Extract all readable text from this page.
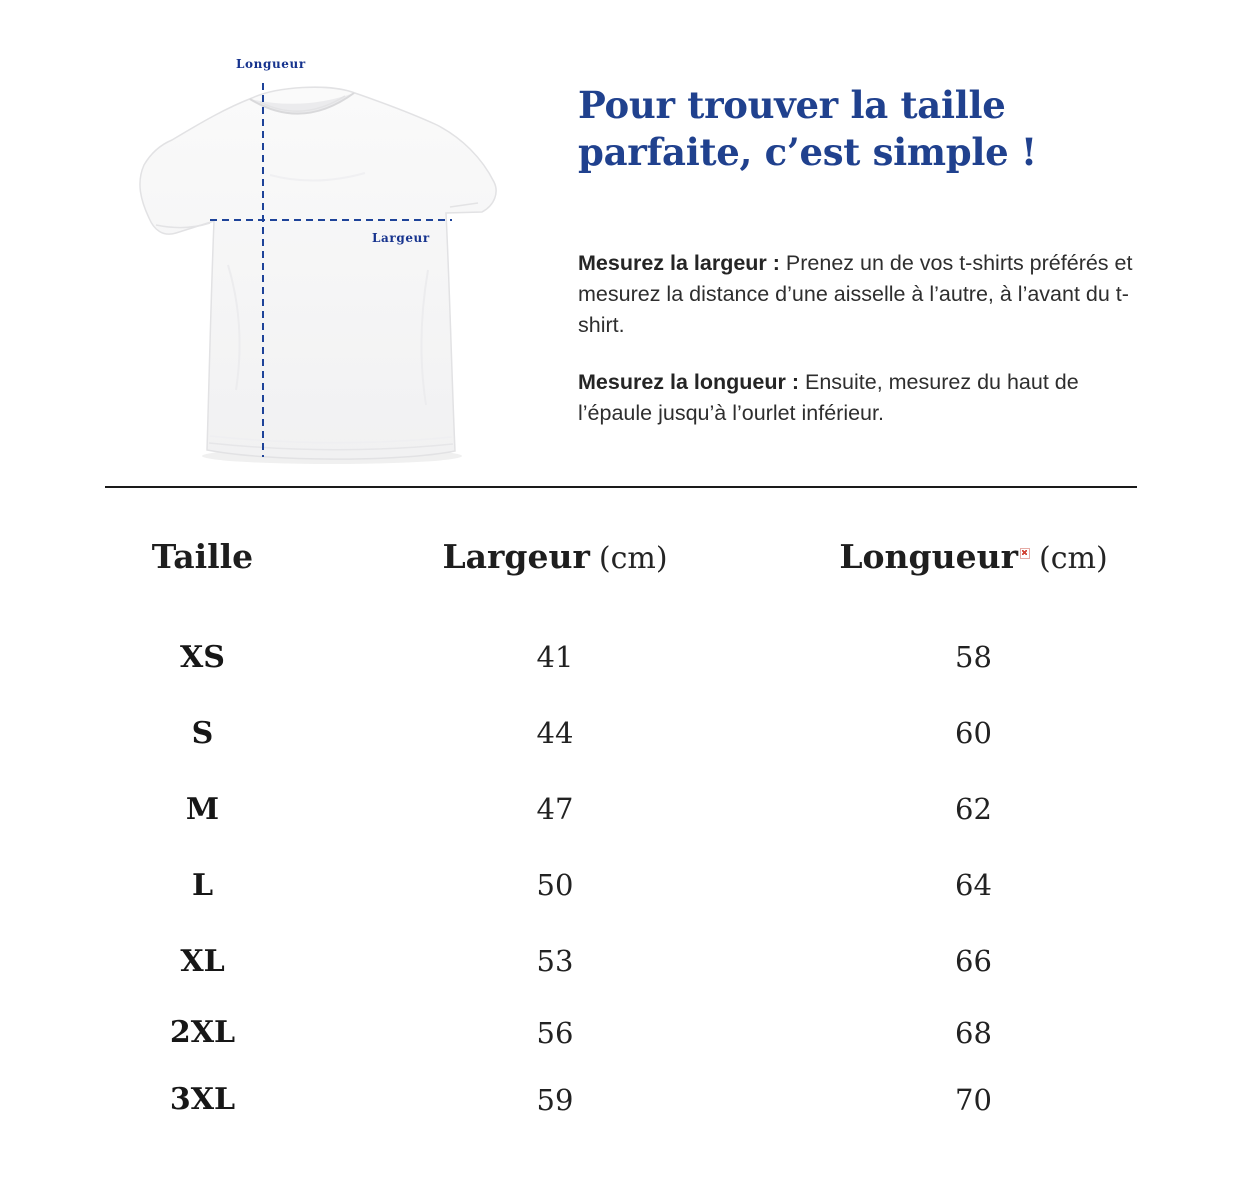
Longueur
Largeur
Pour trouver la taille
parfaite, c’est simple !

Mesurez la largeur : Prenez un de vos t-shirts préférés et mesurez la distance d’une aisselle à l’autre, à l’avant du t-shirt.

Mesurez la longueur : Ensuite, mesurez du haut de l’épaule jusqu’à l’ourlet inférieur.

Taille	Largeur (cm)	Longueur (cm)
XS	41	58
S	44	60
M	47	62
L	50	64
XL	53	66
2XL	56	68
3XL	59	70
